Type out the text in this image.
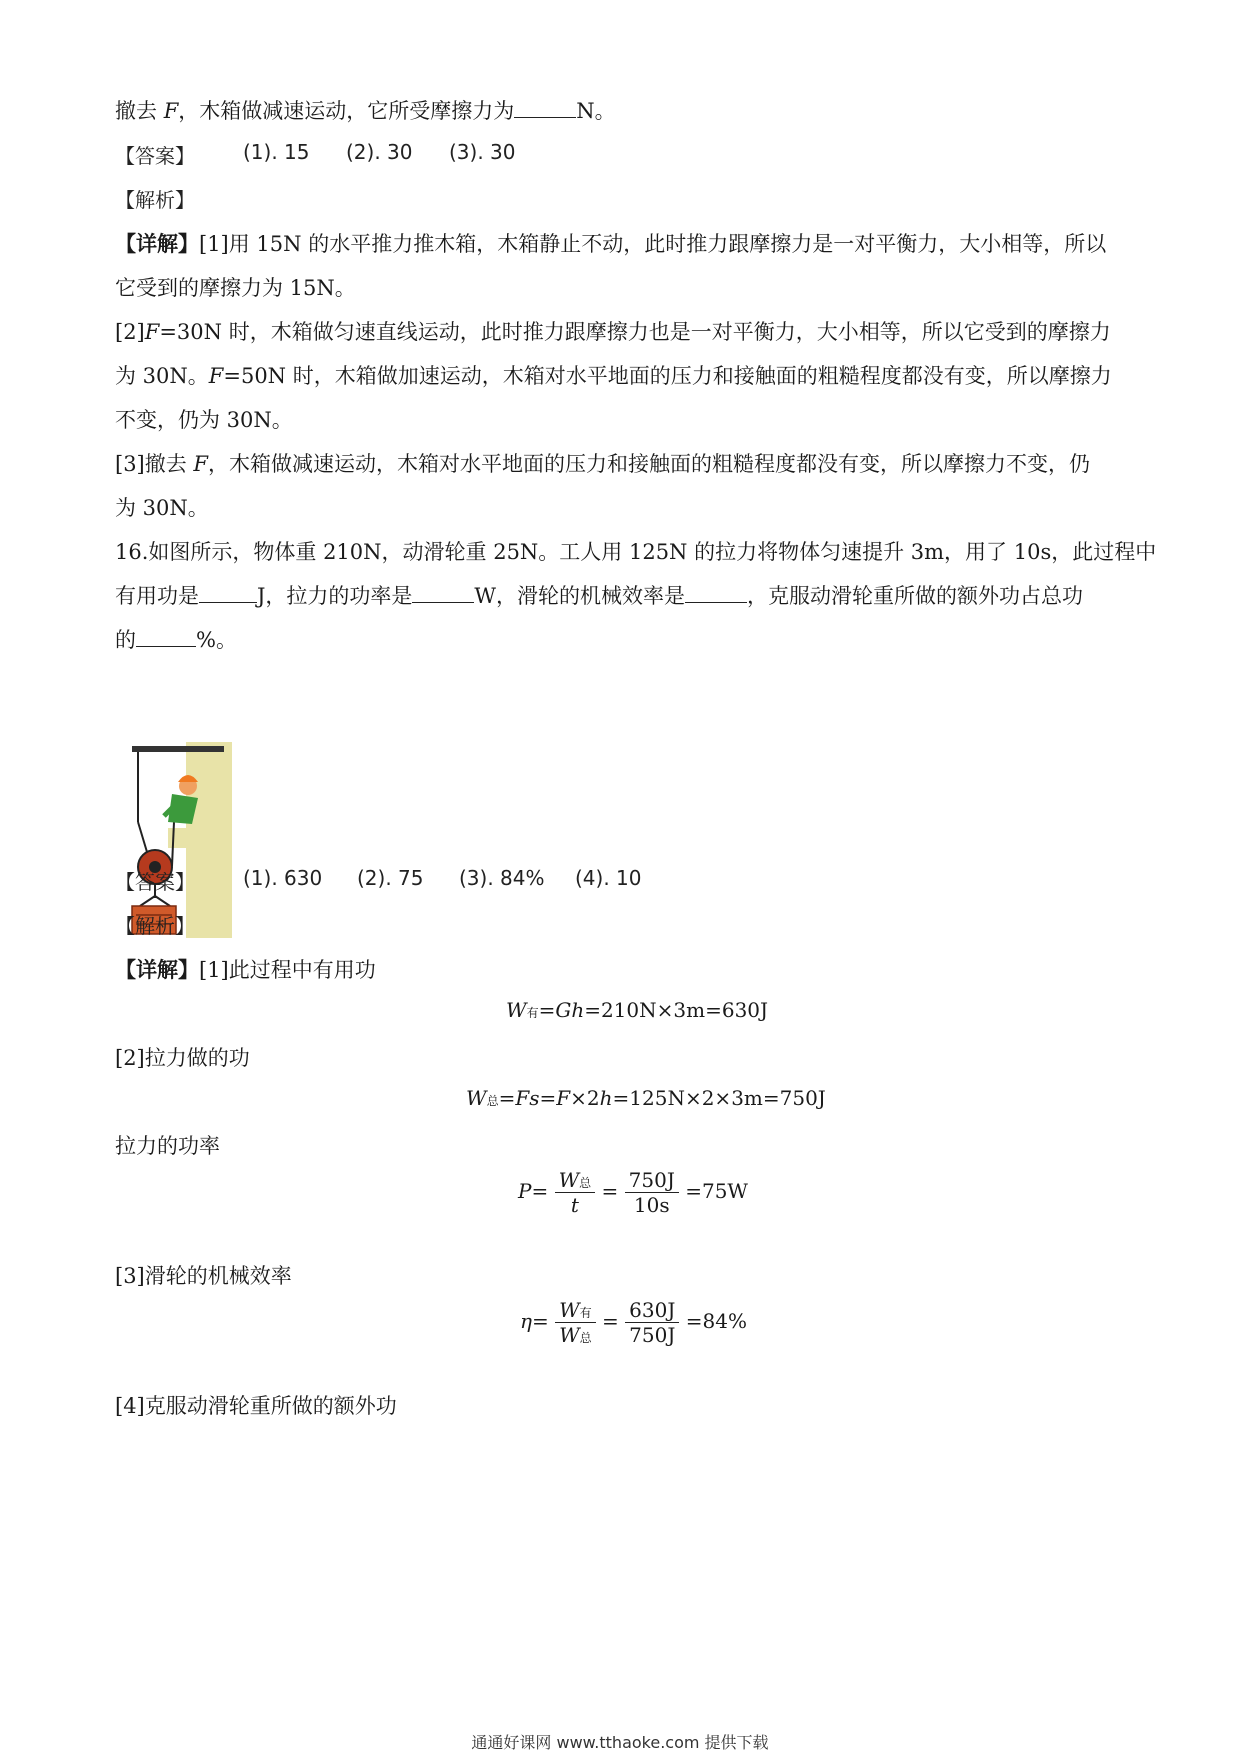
撤去 F，木箱做减速运动，它所受摩擦力为	N。
【答案】 (1). 15 (2). 30 (3). 30
【解析】
【详解】[1]用 15N 的水平推力推木箱，木箱静止不动，此时推力跟摩擦力是一对平衡力，大小相等，所以
它受到的摩擦力为 15N。
[2]F=30N 时，木箱做匀速直线运动，此时推力跟摩擦力也是一对平衡力，大小相等，所以它受到的摩擦力
为 30N。F=50N 时，木箱做加速运动，木箱对水平地面的压力和接触面的粗糙程度都没有变，所以摩擦力
不变，仍为 30N。
[3]撤去 F，木箱做减速运动，木箱对水平地面的压力和接触面的粗糙程度都没有变，所以摩擦力不变，仍
为 30N。
16.如图所示，物体重 210N，动滑轮重 25N。工人用 125N 的拉力将物体匀速提升 3m，用了 10s，此过程中
有用功是	J，拉力的功率是	W，滑轮的机械效率是	，克服动滑轮重所做的额外功占总功
的	%。
【答案】 (1). 630 (2). 75 (3). 84% (4). 10
【解析】
【详解】[1]此过程中有用功
W有=Gh=210N×3m=630J
[2]拉力做的功
W总=Fs=F×2h=125N×2×3m=750J
拉力的功率
$P= \frac{\text{W总}}{t} = \frac{750J}{10s} =75W$
[3]滑轮的机械效率
$\eta= \frac{\text{W有}}{\text{W总}} = \frac{630J}{750J} =84\%$
[4]克服动滑轮重所做的额外功
通通好课网 www.tthaoke.com 提供下载
